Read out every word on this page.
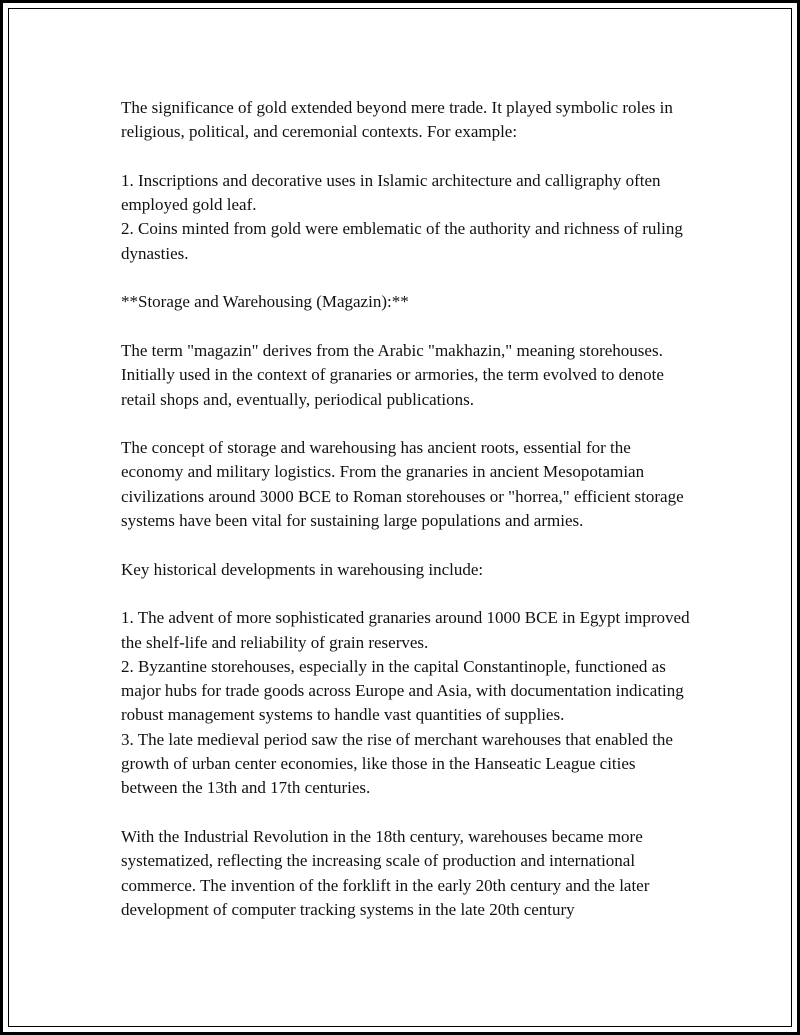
The significance of gold extended beyond mere trade. It played symbolic roles in religious, political, and ceremonial contexts. For example:

1. Inscriptions and decorative uses in Islamic architecture and calligraphy often employed gold leaf.

2. Coins minted from gold were emblematic of the authority and richness of ruling dynasties.

**Storage and Warehousing (Magazin):**

The term "magazin" derives from the Arabic "makhazin," meaning storehouses. Initially used in the context of granaries or armories, the term evolved to denote retail shops and, eventually, periodical publications.

The concept of storage and warehousing has ancient roots, essential for the economy and military logistics. From the granaries in ancient Mesopotamian civilizations around 3000 BCE to Roman storehouses or "horrea," efficient storage systems have been vital for sustaining large populations and armies.

Key historical developments in warehousing include:

1. The advent of more sophisticated granaries around 1000 BCE in Egypt improved the shelf-life and reliability of grain reserves.

2. Byzantine storehouses, especially in the capital Constantinople, functioned as major hubs for trade goods across Europe and Asia, with documentation indicating robust management systems to handle vast quantities of supplies.

3. The late medieval period saw the rise of merchant warehouses that enabled the growth of urban center economies, like those in the Hanseatic League cities between the 13th and 17th centuries.

With the Industrial Revolution in the 18th century, warehouses became more systematized, reflecting the increasing scale of production and international commerce. The invention of the forklift in the early 20th century and the later development of computer tracking systems in the late 20th century
